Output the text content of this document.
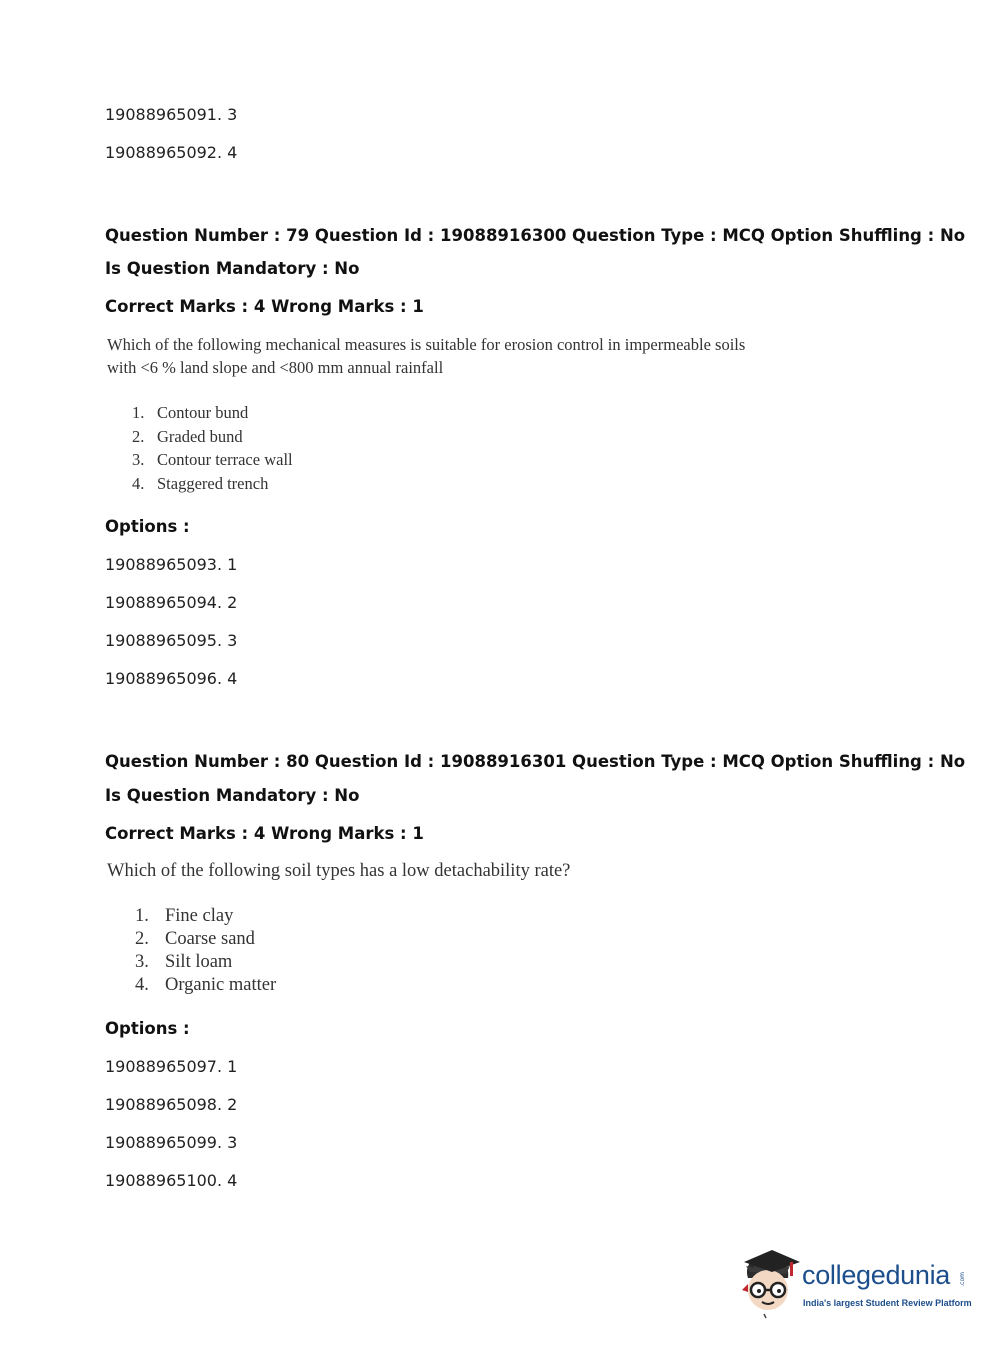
19088965091. 3
19088965092. 4
Question Number : 79 Question Id : 19088916300 Question Type : MCQ Option Shuffling : No
Is Question Mandatory : No
Correct Marks : 4 Wrong Marks : 1
Which of the following mechanical measures is suitable for erosion control in impermeable soils with <6 % land slope and <800 mm annual rainfall
1. Contour bund
2. Graded bund
3. Contour terrace wall
4. Staggered trench
Options :
19088965093. 1
19088965094. 2
19088965095. 3
19088965096. 4
Question Number : 80 Question Id : 19088916301 Question Type : MCQ Option Shuffling : No
Is Question Mandatory : No
Correct Marks : 4 Wrong Marks : 1
Which of the following soil types has a low detachability rate?
1. Fine clay
2. Coarse sand
3. Silt loam
4. Organic matter
Options :
19088965097. 1
19088965098. 2
19088965099. 3
19088965100. 4
collegedunia .com
India's largest Student Review Platform
